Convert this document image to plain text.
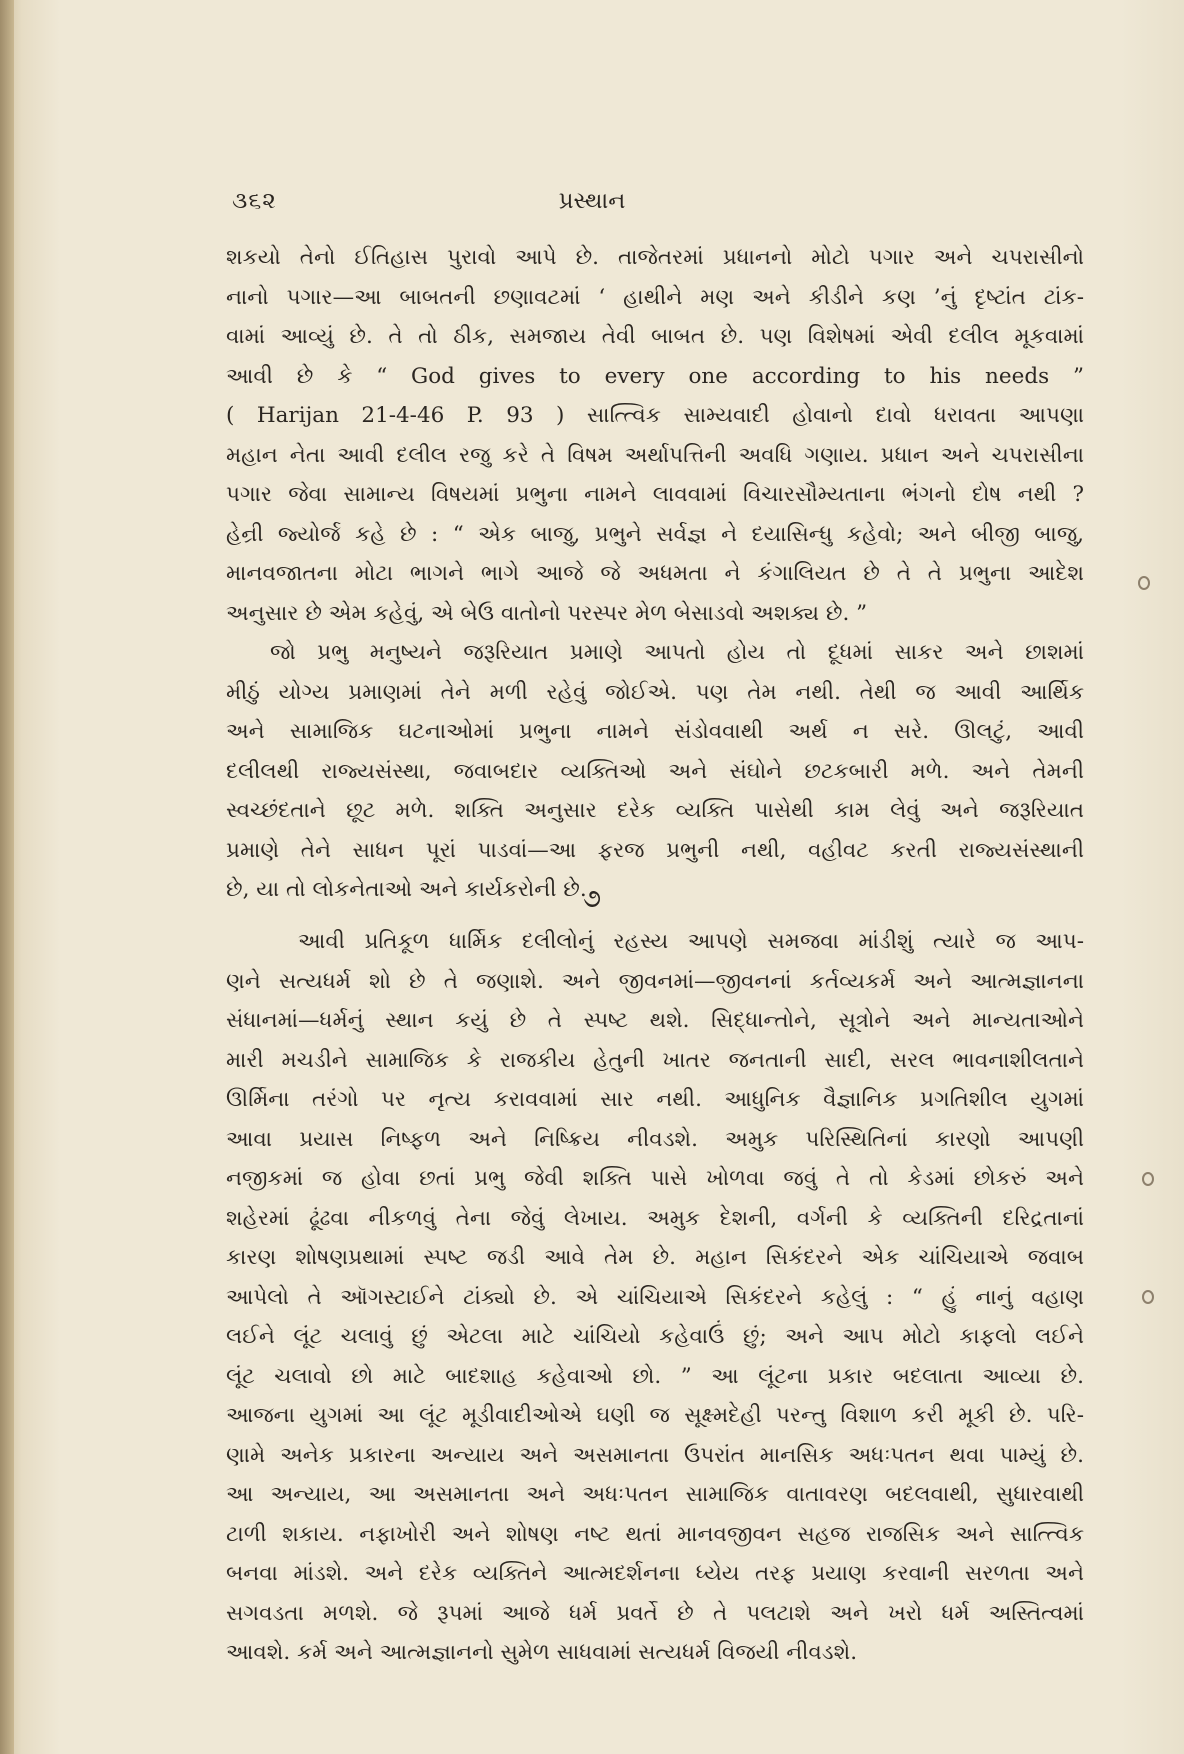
૩૬૨	પ્રસ્થાન
શકયો તેનો ઈતિહાસ પુરાવો આપે છે. તાજેતરમાં પ્રધાનનો મોટો પગાર અને ચપરાસીનો
નાનો પગાર—આ બાબતની છણાવટમાં ‘ હાથીને મણ અને કીડીને કણ ’નું દૃષ્ટાંત ટાંક-
વામાં આવ્યું છે. તે તો ઠીક, સમજાય તેવી બાબત છે. પણ વિશેષમાં એવી દલીલ મૂકવામાં
આવી છે કે “ God gives to every one according to his needs ”
( Harijan 21-4-46 P. 93 ) સાત્ત્વિક સામ્યવાદી હોવાનો દાવો ધરાવતા આપણા
મહાન નેતા આવી દલીલ રજુ કરે તે વિષમ અર્થાપત્તિની અવધિ ગણાય. પ્રધાન અને ચપરાસીના
પગાર જેવા સામાન્ય વિષયમાં પ્રભુના નામને લાવવામાં વિચારસૌમ્યતાના ભંગનો દોષ નથી ?
હેન્રી જ્યોર્જ કહે છે : “ એક બાજુ, પ્રભુને સર્વજ્ઞ ને દયાસિન્ધુ કહેવો; અને બીજી બાજુ,
માનવજાતના મોટા ભાગને ભાગે આજે જે અધમતા ને કંગાલિયત છે તે તે પ્રભુના આદેશ
અનુસાર છે એમ કહેવું, એ બેઉ વાતોનો પરસ્પર મેળ બેસાડવો અશક્ય છે. ”
જો પ્રભુ મનુષ્યને જરૂરિયાત પ્રમાણે આપતો હોય તો દૂધમાં સાકર અને છાશમાં
મીઠું યોગ્ય પ્રમાણમાં તેને મળી રહેવું જોઈએ. પણ તેમ નથી. તેથી જ આવી આર્થિક
અને સામાજિક ઘટનાઓમાં પ્રભુના નામને સંડોવવાથી અર્થ ન સરે. ઊલટું, આવી
દલીલથી રાજ્યસંસ્થા, જવાબદાર વ્યક્તિઓ અને સંઘોને છટકબારી મળે. અને તેમની
સ્વચ્છંદતાને છૂટ મળે. શક્તિ અનુસાર દરેક વ્યક્તિ પાસેથી કામ લેવું અને જરૂરિયાત
પ્રમાણે તેને સાધન પૂરાં પાડવાં—આ ફરજ પ્રભુની નથી, વહીવટ કરતી રાજ્યસંસ્થાની
છે, યા તો લોકનેતાઓ અને કાર્યકરોની છે.
૭
આવી પ્રતિકૂળ ધાર્મિક દલીલોનું રહસ્ય આપણે સમજવા માંડીશું ત્યારે જ આપ-
ણને સત્યધર્મ શો છે તે જણાશે. અને જીવનમાં—જીવનનાં કર્તવ્યકર્મ અને આત્મજ્ઞાનના
સંધાનમાં—ધર્મનું સ્થાન કયું છે તે સ્પષ્ટ થશે. સિદ્ધાન્તોને, સૂત્રોને અને માન્યતાઓને
મારી મચડીને સામાજિક કે રાજકીય હેતુની ખાતર જનતાની સાદી, સરલ ભાવનાશીલતાને
ઊર્મિના તરંગો પર નૃત્ય કરાવવામાં સાર નથી. આધુનિક વૈજ્ઞાનિક પ્રગતિશીલ યુગમાં
આવા પ્રયાસ નિષ્ફળ અને નિષ્ક્રિય નીવડશે. અમુક પરિસ્થિતિનાં કારણો આપણી
નજીકમાં જ હોવા છતાં પ્રભુ જેવી શક્તિ પાસે ખોળવા જવું તે તો કેડમાં છોકરું અને
શહેરમાં ઢૂંઢવા નીકળવું તેના જેવું લેખાય. અમુક દેશની, વર્ગની કે વ્યક્તિની દરિદ્રતાનાં
કારણ શોષણપ્રથામાં સ્પષ્ટ જડી આવે તેમ છે. મહાન સિકંદરને એક ચાંચિયાએ જવાબ
આપેલો તે ઑગસ્ટાઈને ટાંક્યો છે. એ ચાંચિયાએ સિકંદરને કહેલું : “ હું નાનું વહાણ
લઈને લૂંટ ચલાવું છું એટલા માટે ચાંચિયો કહેવાઉં છું; અને આપ મોટો કાફલો લઈને
લૂંટ ચલાવો છો માટે બાદશાહ કહેવાઓ છો. ” આ લૂંટના પ્રકાર બદલાતા આવ્યા છે.
આજના યુગમાં આ લૂંટ મૂડીવાદીઓએ ઘણી જ સૂક્ષ્મદેહી પરન્તુ વિશાળ કરી મૂકી છે. પરિ-
ણામે અનેક પ્રકારના અન્યાય અને અસમાનતા ઉપરાંત માનસિક અધઃપતન થવા પામ્યું છે.
આ અન્યાય, આ અસમાનતા અને અધઃપતન સામાજિક વાતાવરણ બદલવાથી, સુધારવાથી
ટાળી શકાય. નફાખોરી અને શોષણ નષ્ટ થતાં માનવજીવન સહજ રાજસિક અને સાત્ત્વિક
બનવા માંડશે. અને દરેક વ્યક્તિને આત્મદર્શનના ધ્યેય તરફ પ્રયાણ કરવાની સરળતા અને
સગવડતા મળશે. જે રૂપમાં આજે ધર્મ પ્રવર્તે છે તે પલટાશે અને ખરો ધર્મ અસ્તિત્વમાં
આવશે. કર્મ અને આત્મજ્ઞાનનો સુમેળ સાધવામાં સત્યધર્મ વિજયી નીવડશે.
